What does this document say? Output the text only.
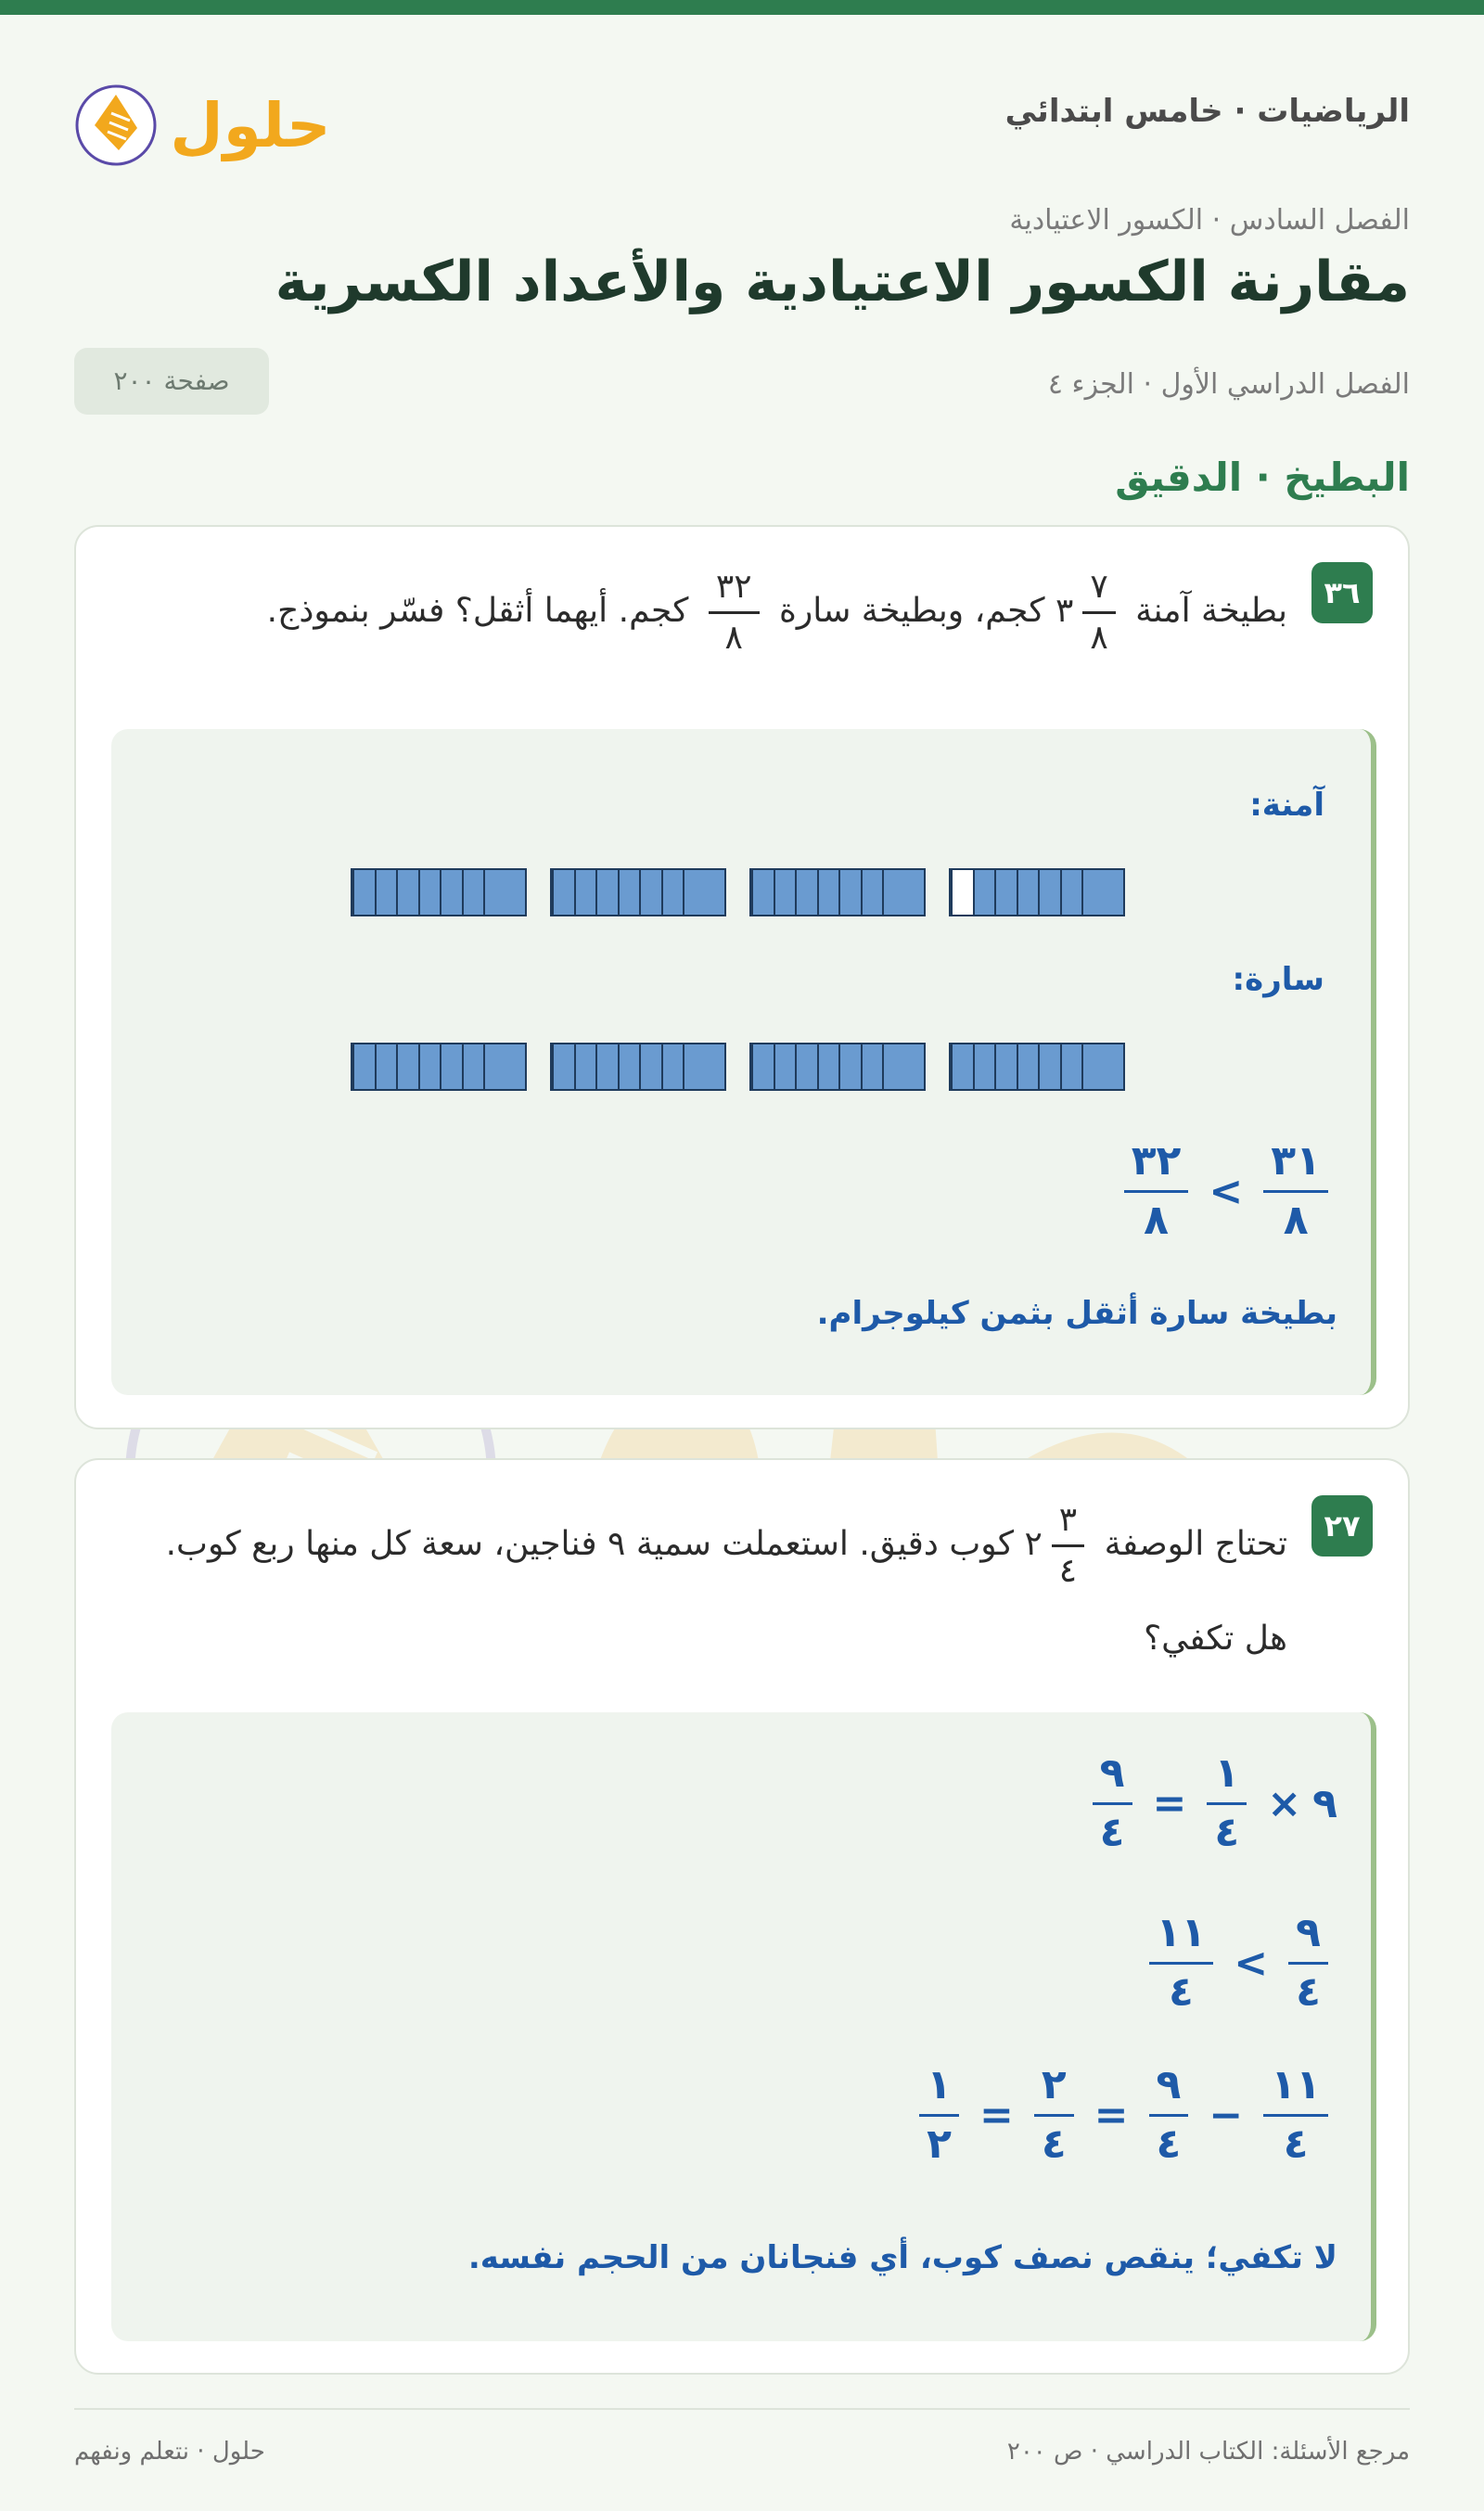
الرياضيات · خامس ابتدائي
حلول
الفصل السادس · الكسور الاعتيادية
مقارنة الكسور الاعتيادية والأعداد الكسرية
الفصل الدراسي الأول · الجزء ٤
صفحة ٢٠٠
البطيخ · الدقيق
٣٦
بطيخة آمنة
$\frac{٧}{٨}$
٣ كجم، وبطيخة سارة
$\frac{٣٢}{٨}$
كجم. أيهما أثقل؟ فسّر بنموذج.
آمنة:
سارة:
$\frac{٣١}{٨}$
>
$\frac{٣٢}{٨}$
بطيخة سارة أثقل بثمن كيلوجرام.
٢٧
تحتاج الوصفة
$\frac{٣}{٤}$
٢ كوب دقيق. استعملت سمية ٩ فناجين، سعة كل منها ربع كوب. هل تكفي؟
٩
×
$\frac{١}{٤}$
=
$\frac{٩}{٤}$
$\frac{٩}{٤}$
>
$\frac{١١}{٤}$
$\frac{١١}{٤}$
−
$\frac{٩}{٤}$
=
$\frac{٢}{٤}$
=
$\frac{١}{٢}$
لا تكفي؛ ينقص نصف كوب، أي فنجانان من الحجم نفسه.
مرجع الأسئلة: الكتاب الدراسي · ص ٢٠٠
حلول · نتعلم ونفهم
